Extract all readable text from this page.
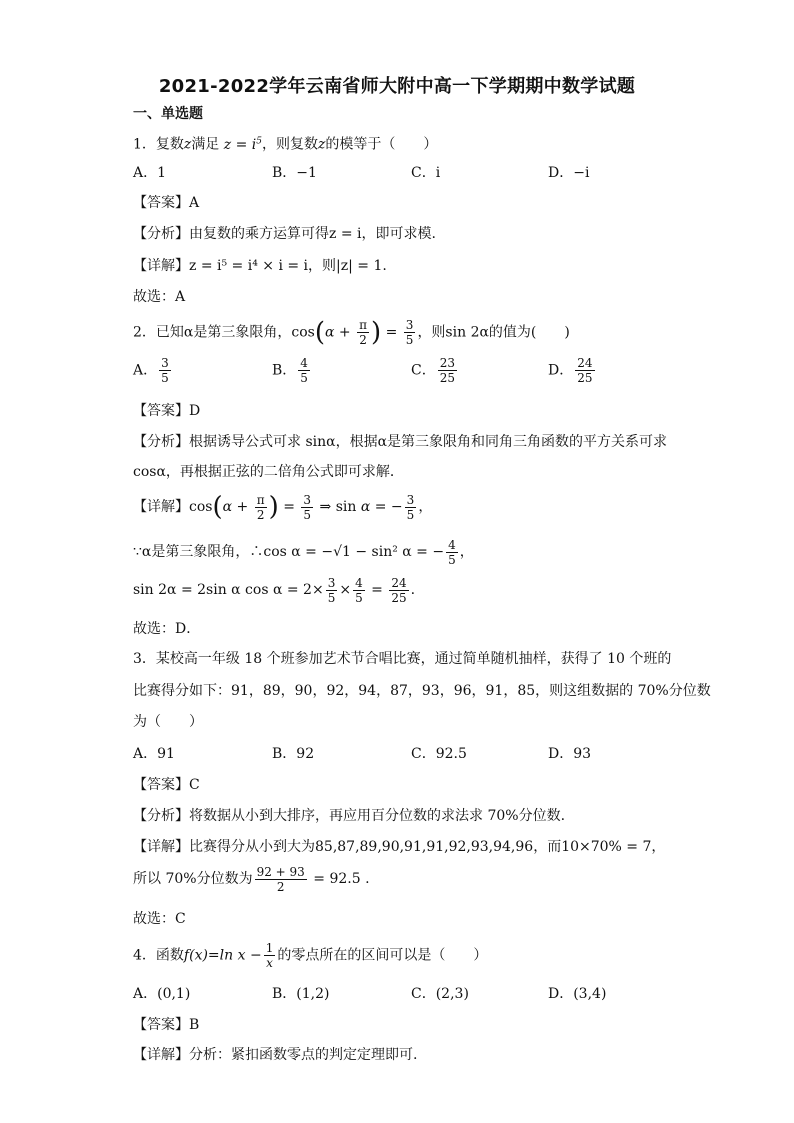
2021-2022学年云南省师大附中高一下学期期中数学试题
一、单选题
1．复数z满足 $z = i^5$，则复数z的模等于（　　）
A．1	B．−1	C．i	D．−i
【答案】A
【分析】由复数的乘方运算可得z = i，即可求模.
【详解】z = i⁵ = i⁴ × i = i，则|z| = 1.
故选：A
2．已知α是第三象限角，$\cos(\alpha + \frac{\pi}{2}$ ) = $\frac{3}{5}$ ，则sin 2α的值为(　　)
A． $\frac{3}{5}$	B． $\frac{4}{5}$	C． $\frac{23}{25}$	D． $\frac{24}{25}$
【答案】D
【分析】根据诱导公式可求 sinα，根据α是第三象限角和同角三角函数的平方关系可求
cosα，再根据正弦的二倍角公式即可求解．
【详解】$\cos(\alpha + \frac{\pi}{2}$ ) = $\frac{3}{5}$ ⇒ sin α = − $\frac{3}{5}$ ，
∵α是第三象限角，∴cos α = −√1 − sin² α = − $\frac{4}{5}$ ，
sin 2α = 2sin α $\cos \alpha = 2\times \frac{3}{5} \times \frac{4}{5} = \frac{24}{25}$ .
故选：D．
3．某校高一年级 18 个班参加艺术节合唱比赛，通过简单随机抽样，获得了 10 个班的
比赛得分如下：91，89，90，92，94，87，93，96，91，85，则这组数据的 70%分位数
为（　　）
A．91	B．92	C．92.5	D．93
【答案】C
【分析】将数据从小到大排序，再应用百分位数的求法求 70%分位数.
【详解】比赛得分从小到大为85,87,89,90,91,91,92,93,94,96，而10×70% = 7，
所以 70%分位数为 $\frac{92 + 93}{2} = 92.5$ .
故选：C
4．函数f(x)=ln $x - \frac{1}{x}$ 的零点所在的区间可以是（　　）
A．(0,1)	B．(1,2)	C．(2,3)	D．(3,4)
【答案】B
【详解】分析：紧扣函数零点的判定定理即可.
